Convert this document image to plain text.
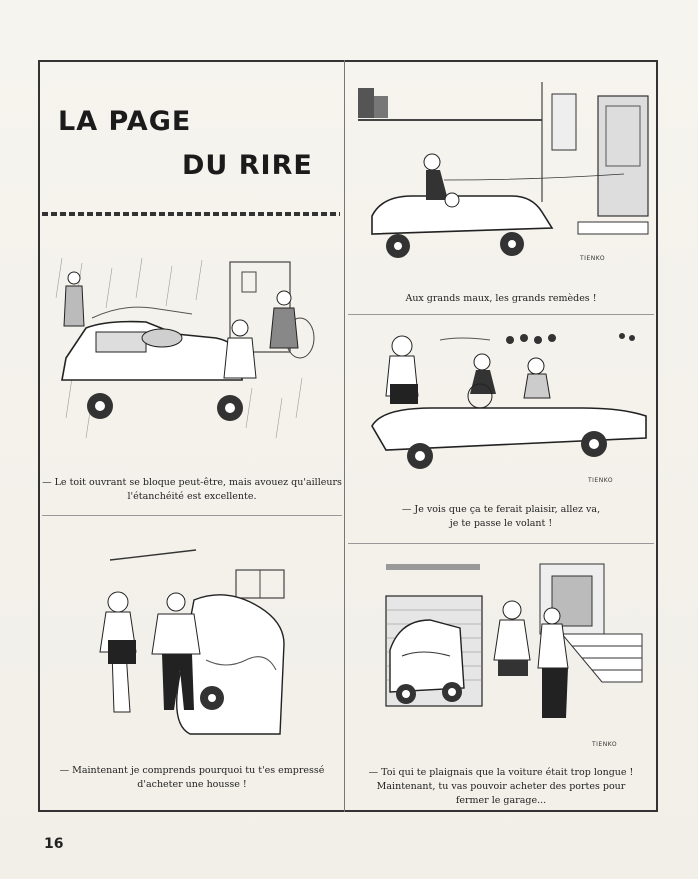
LA PAGE
DU RIRE
— Le toit ouvrant se bloque peut-être, mais avouez qu'ailleurs
l'étanchéité est excellente.
— Maintenant je comprends pourquoi tu t'es empressé
d'acheter une housse !
TIENKO
Aux grands maux, les grands remèdes !
TIENKO
— Je vois que ça te ferait plaisir, allez va,
je te passe le volant !
TIENKO
— Toi qui te plaignais que la voiture était trop longue !
Maintenant, tu vas pouvoir acheter des portes pour
fermer le garage...
16
